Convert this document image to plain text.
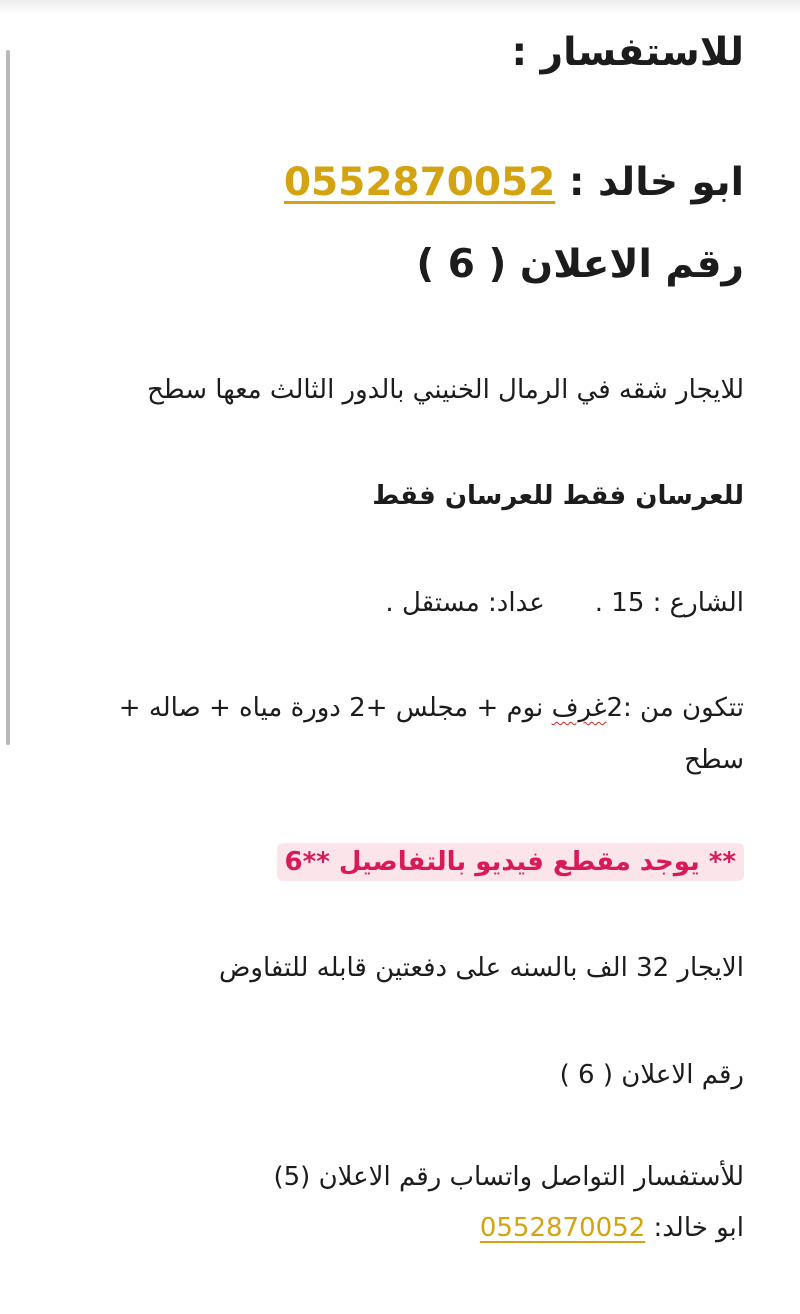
للاستفسار :
ابو خالد : 0552870052
رقم الاعلان ( 6 )
للايجار شقه في الرمال الخنيني بالدور الثالث معها سطح
للعرسان فقط للعرسان فقط
الشارع : 15 .عداد: مستقل .
تتكون من :2غرف نوم + مجلس +2 دورة مياه + صاله +
سطح
** يوجد مقطع فيديو بالتفاصيل **6
الايجار 32 الف بالسنه على دفعتين قابله للتفاوض
رقم الاعلان ( 6 )
للأستفسار التواصل واتساب رقم الاعلان (5)
ابو خالد: 0552870052
